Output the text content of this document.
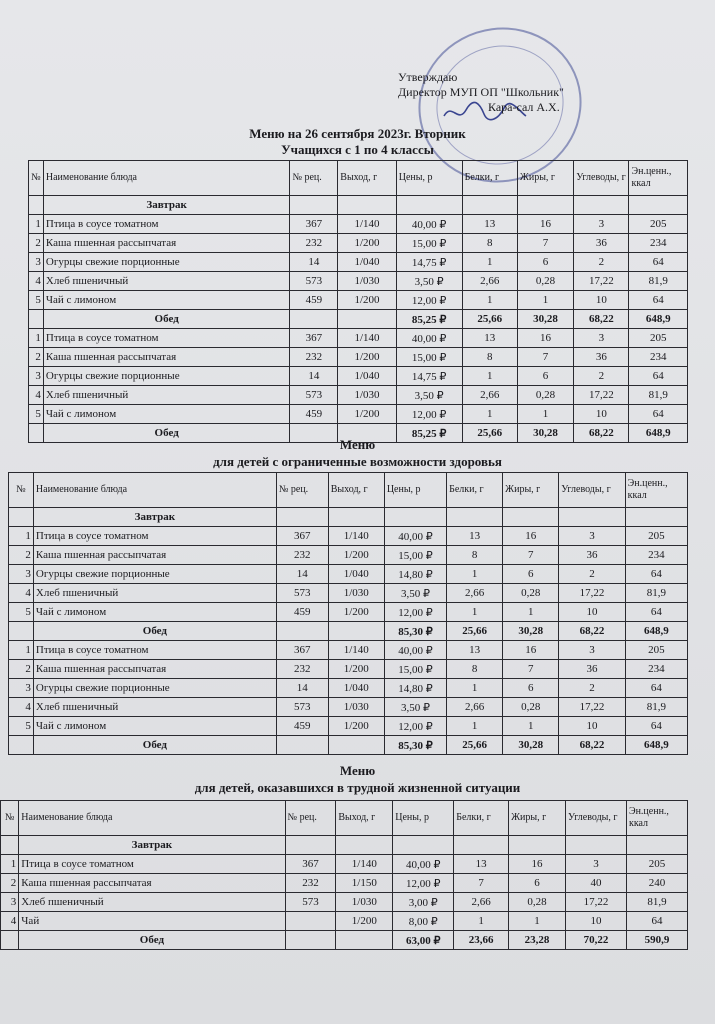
Утверждаю
Директор МУП ОП "Школьник"
Кара-сал А.Х.
Меню на 26 сентября 2023г. Вторник
Учащихся с 1 по 4 классы
№	Наименование блюда	№ рец.	Выход, г	Цены, р	Белки, г	Жиры, г	Углеводы, г	Эн.ценн., ккал
	Завтрак							
1	Птица в соусе томатном	367	1/140	40,00 ₽	13	16	3	205
2	Каша пшенная рассыпчатая	232	1/200	15,00 ₽	8	7	36	234
3	Огурцы свежие порционные	14	1/040	14,75 ₽	1	6	2	64
4	Хлеб пшеничный	573	1/030	3,50 ₽	2,66	0,28	17,22	81,9
5	Чай с лимоном	459	1/200	12,00 ₽	1	1	10	64
	Обед			85,25 ₽	25,66	30,28	68,22	648,9
1	Птица в соусе томатном	367	1/140	40,00 ₽	13	16	3	205
2	Каша пшенная рассыпчатая	232	1/200	15,00 ₽	8	7	36	234
3	Огурцы свежие порционные	14	1/040	14,75 ₽	1	6	2	64
4	Хлеб пшеничный	573	1/030	3,50 ₽	2,66	0,28	17,22	81,9
5	Чай с лимоном	459	1/200	12,00 ₽	1	1	10	64
	Обед			85,25 ₽	25,66	30,28	68,22	648,9
Меню
для детей с ограниченные возможности здоровья
№	Наименование блюда	№ рец.	Выход, г	Цены, р	Белки, г	Жиры, г	Углеводы, г	Эн.ценн., ккал
	Завтрак							
1	Птица в соусе томатном	367	1/140	40,00 ₽	13	16	3	205
2	Каша пшенная рассыпчатая	232	1/200	15,00 ₽	8	7	36	234
3	Огурцы свежие порционные	14	1/040	14,80 ₽	1	6	2	64
4	Хлеб пшеничный	573	1/030	3,50 ₽	2,66	0,28	17,22	81,9
5	Чай с лимоном	459	1/200	12,00 ₽	1	1	10	64
	Обед			85,30 ₽	25,66	30,28	68,22	648,9
1	Птица в соусе томатном	367	1/140	40,00 ₽	13	16	3	205
2	Каша пшенная рассыпчатая	232	1/200	15,00 ₽	8	7	36	234
3	Огурцы свежие порционные	14	1/040	14,80 ₽	1	6	2	64
4	Хлеб пшеничный	573	1/030	3,50 ₽	2,66	0,28	17,22	81,9
5	Чай с лимоном	459	1/200	12,00 ₽	1	1	10	64
	Обед			85,30 ₽	25,66	30,28	68,22	648,9
Меню
для детей, оказавшихся в трудной жизненной ситуации
№	Наименование блюда	№ рец.	Выход, г	Цены, р	Белки, г	Жиры, г	Углеводы, г	Эн.ценн., ккал
	Завтрак							
1	Птица в соусе томатном	367	1/140	40,00 ₽	13	16	3	205
2	Каша пшенная рассыпчатая	232	1/150	12,00 ₽	7	6	40	240
3	Хлеб пшеничный	573	1/030	3,00 ₽	2,66	0,28	17,22	81,9
4	Чай		1/200	8,00 ₽	1	1	10	64
	Обед			63,00 ₽	23,66	23,28	70,22	590,9
